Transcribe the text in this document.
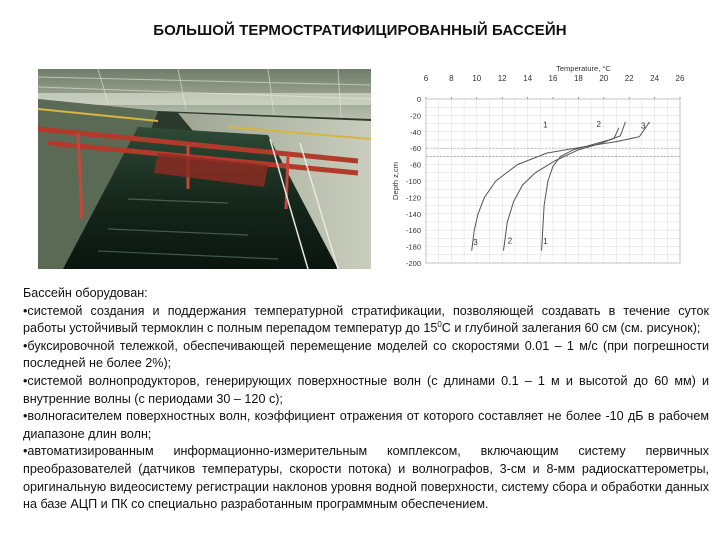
БОЛЬШОЙ ТЕРМОСТРАТИФИЦИРОВАННЫЙ БАССЕЙН
6	8 10 12 14 16 18 20 22 24 26
Temperature, °C
0
-20
-40
-60
-80
-100
-120
-140
-160
-180
-200
Depth z,cm
1	2	3
1
2
3

Бассейн оборудован:

•системой создания и поддержания температурной стратификации, позволяющей создавать в течение суток работы устойчивый термоклин с полным перепадом температур до $15^0С$ и глубиной залегания 60 см (см. рисунок);

•буксировочной тележкой, обеспечивающей перемещение моделей со скоростями 0.01 – 1 м/с (при погрешности последней не более 2%);

•системой волнопродукторов, генерирующих поверхностные волн (с длинами 0.1 – 1 м и высотой до 60 мм) и внутренние волны (с периодами 30 – 120 с);

•волногасителем поверхностных волн, коэффициент отражения от которого составляет не более -10 дБ в рабочем диапазоне длин волн;

•автоматизированным информационно-измерительным комплексом, включающим систему первичных преобразователей (датчиков температуры, скорости потока) и волнографов, 3-см и 8-мм радиоскаттерометры, оригинальную видеосистему регистрации наклонов уровня водной поверхности, систему сбора и обработки данных на базе АЦП и ПК со специально разработанным программным обеспечением.
